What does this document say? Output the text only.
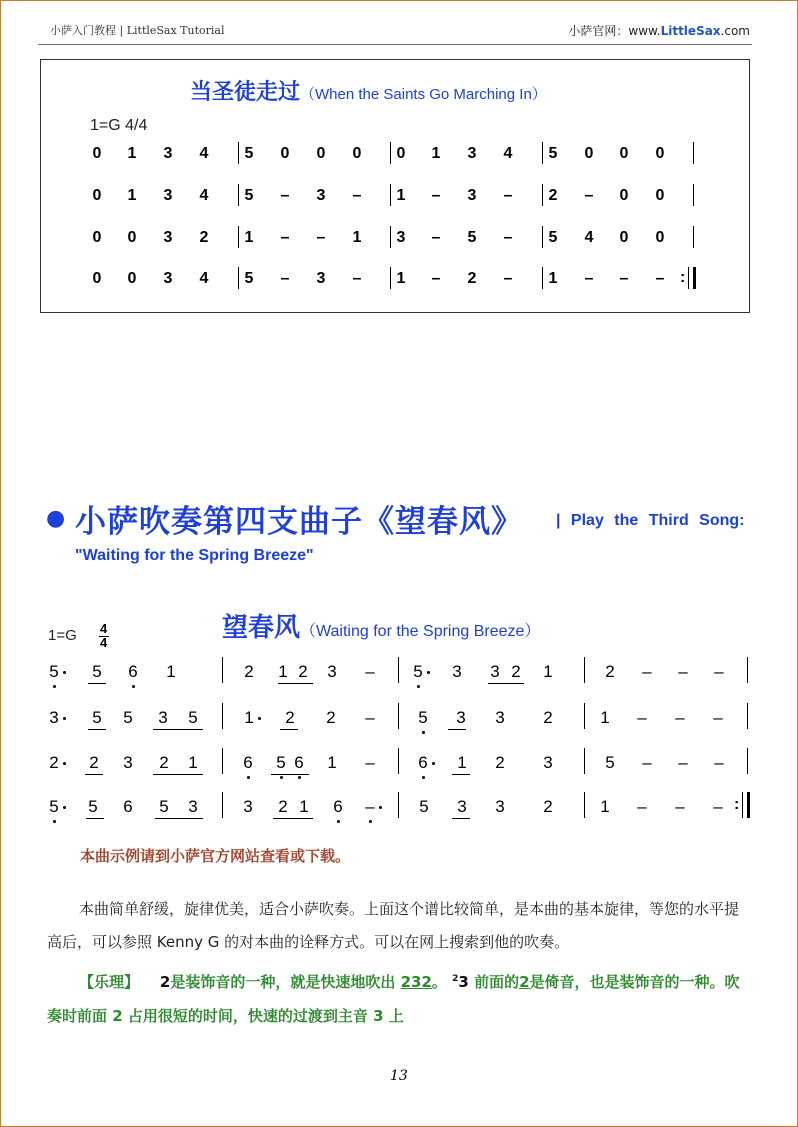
小萨入门教程 | LittleSax Tutorial	小萨官网：www.LittleSax.com
当圣徒走过（When the Saints Go Marching In）
1=G 4/4
0 1 3 4 5 0 0 0 0 1 3 4 5 0 0 0
0 1 3 4 5 – 3 – 1 – 3 – 2 – 0 0
0 0 3 2 1 – – 1 3 – 5 – 5 4 0 0
0 0 3 4 5 – 3 – 1 – 2 – 1 – – – :
● 小萨吹奏第四支曲子《望春风》 | Play the Third Song:
"Waiting for the Spring Breeze"
望春风（Waiting for the Spring Breeze）
1=G 4
4
5 5 6 1	2 1 2 3 – 5 3 3 2 1	2 – – –
3 5 5 3 5	1 2 2 –	5 3 3 2	1 – – –
2 2 3 2 1	6 5 6 1 –	6 1 2 3	5 – – –
5 5 6 5 3	3 2 1 6 –	5 3 3 2	1 – – – :
本曲示例请到小萨官方网站查看或下载。
本曲简单舒缓，旋律优美，适合小萨吹奏。上面这个谱比较简单，是本曲的基本旋律，等您的水平提高后，可以参照 Kenny G 的对本曲的诠释方式。可以在网上搜索到他的吹奏。
【乐理】 2是装饰音的一种，就是快速地吹出 232。 $^2$3 前面的2是倚音，也是装饰音的一种。吹奏时前面 2 占用很短的时间，快速的过渡到主音 3 上
13
